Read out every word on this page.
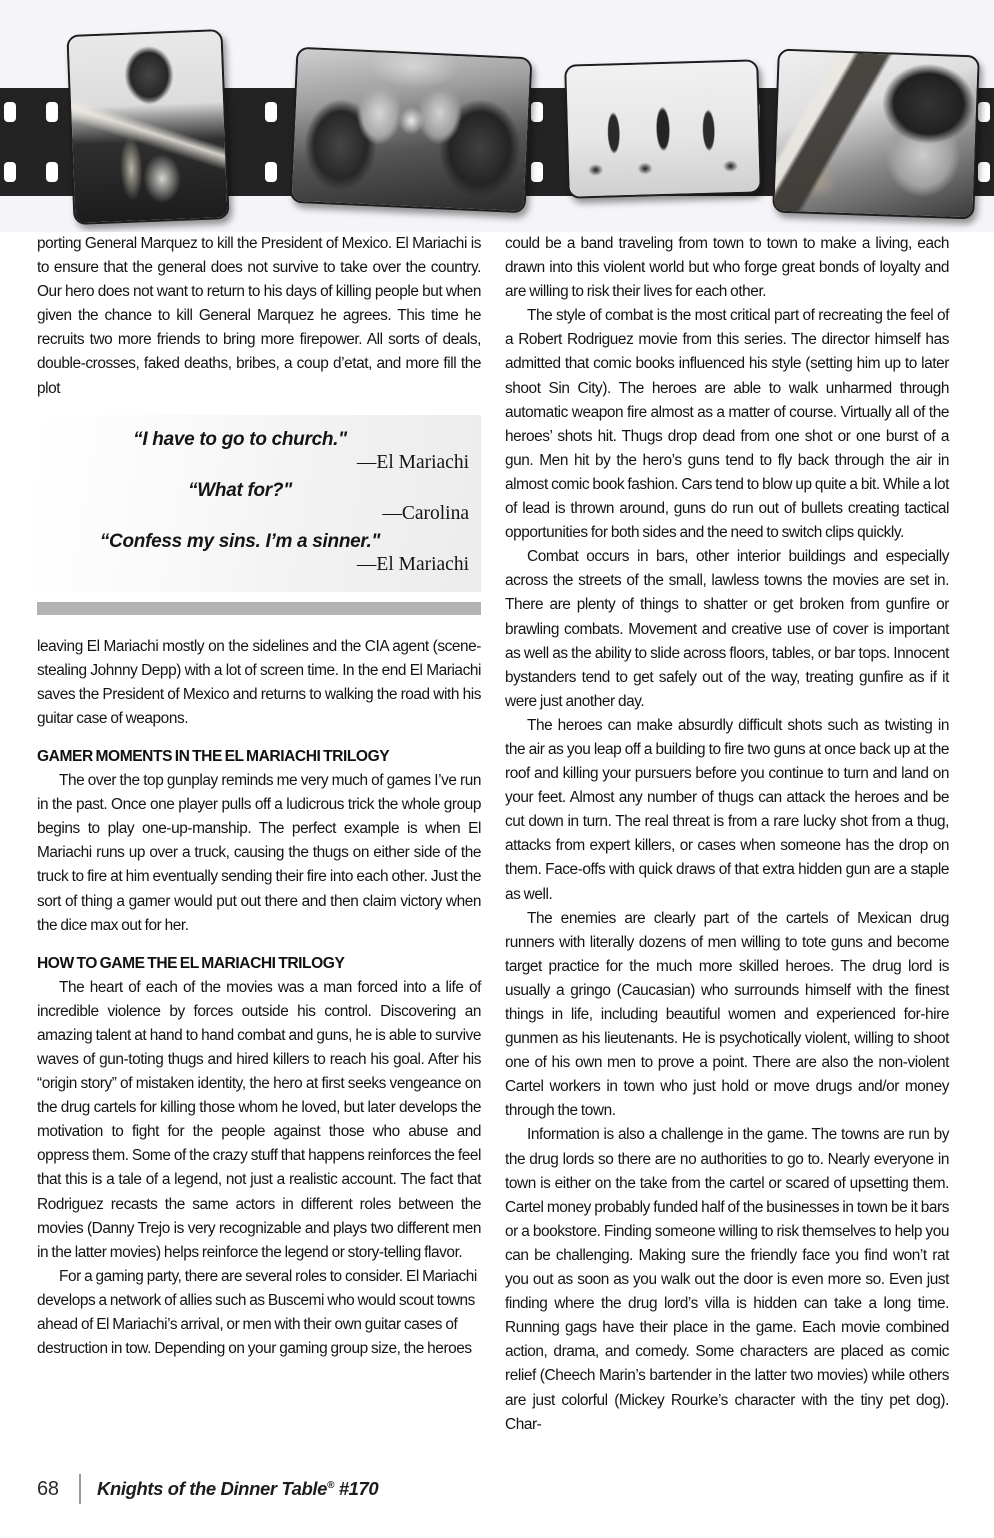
porting General Marquez to kill the President of Mexico. El Mariachi is to ensure that the general does not survive to take over the country. Our hero does not want to return to his days of killing people but when given the chance to kill General Marquez he agrees. This time he recruits two more friends to bring more firepower. All sorts of deals, double-crosses, faked deaths, bribes, a coup d’etat, and more fill the plot

“I have to go to church."

—El Mariachi

“What for?"

—Carolina

“Confess my sins. I’m a sinner."

—El Mariachi

leaving El Mariachi mostly on the sidelines and the CIA agent (scene-stealing Johnny Depp) with a lot of screen time. In the end El Mariachi saves the President of Mexico and returns to walking the road with his guitar case of weapons.

GAMER MOMENTS IN THE EL MARIACHI TRILOGY

The over the top gunplay reminds me very much of games I’ve run in the past. Once one player pulls off a ludicrous trick the whole group begins to play one-up-manship. The perfect example is when El Mariachi runs up over a truck, causing the thugs on either side of the truck to fire at him eventually sending their fire into each other. Just the sort of thing a gamer would put out there and then claim victory when the dice max out for her.

HOW TO GAME THE EL MARIACHI TRILOGY

The heart of each of the movies was a man forced into a life of incredible violence by forces outside his control. Discovering an amazing talent at hand to hand combat and guns, he is able to survive waves of gun-toting thugs and hired killers to reach his goal. After his “origin story” of mistaken identity, the hero at first seeks vengeance on the drug cartels for killing those whom he loved, but later develops the motivation to fight for the people against those who abuse and oppress them. Some of the crazy stuff that happens reinforces the feel that this is a tale of a legend, not just a realistic account. The fact that Rodriguez recasts the same actors in different roles between the movies (Danny Trejo is very recognizable and plays two different men in the latter movies) helps reinforce the legend or story-telling flavor.

For a gaming party, there are several roles to consider. El Mariachi develops a network of allies such as Buscemi who would scout towns ahead of El Mariachi’s arrival, or men with their own guitar cases of destruction in tow. Depending on your gaming group size, the heroes

could be a band traveling from town to town to make a living, each drawn into this violent world but who forge great bonds of loyalty and are willing to risk their lives for each other.

The style of combat is the most critical part of recreating the feel of a Robert Rodriguez movie from this series. The director himself has admitted that comic books influenced his style (setting him up to later shoot Sin City). The heroes are able to walk unharmed through automatic weapon fire almost as a matter of course. Virtually all of the heroes’ shots hit. Thugs drop dead from one shot or one burst of a gun. Men hit by the hero’s guns tend to fly back through the air in almost comic book fashion. Cars tend to blow up quite a bit. While a lot of lead is thrown around, guns do run out of bullets creating tactical opportunities for both sides and the need to switch clips quickly.

Combat occurs in bars, other interior buildings and especially across the streets of the small, lawless towns the movies are set in. There are plenty of things to shatter or get broken from gunfire or brawling combats. Movement and creative use of cover is important as well as the ability to slide across floors, tables, or bar tops. Innocent bystanders tend to get safely out of the way, treating gunfire as if it were just another day.

The heroes can make absurdly difficult shots such as twisting in the air as you leap off a building to fire two guns at once back up at the roof and killing your pursuers before you continue to turn and land on your feet. Almost any number of thugs can attack the heroes and be cut down in turn. The real threat is from a rare lucky shot from a thug, attacks from expert killers, or cases when someone has the drop on them. Face-offs with quick draws of that extra hidden gun are a staple as well.

The enemies are clearly part of the cartels of Mexican drug runners with literally dozens of men willing to tote guns and become target practice for the much more skilled heroes. The drug lord is usually a gringo (Caucasian) who surrounds himself with the finest things in life, including beautiful women and experienced for-hire gunmen as his lieutenants. He is psychotically violent, willing to shoot one of his own men to prove a point. There are also the non-violent Cartel workers in town who just hold or move drugs and/or money through the town.

Information is also a challenge in the game. The towns are run by the drug lords so there are no authorities to go to. Nearly everyone in town is either on the take from the cartel or scared of upsetting them. Cartel money probably funded half of the businesses in town be it bars or a bookstore. Finding someone willing to risk themselves to help you can be challenging. Making sure the friendly face you find won’t rat you out as soon as you walk out the door is even more so. Even just finding where the drug lord’s villa is hidden can take a long time. Running gags have their place in the game. Each movie combined action, drama, and comedy. Some characters are placed as comic relief (Cheech Marin’s bartender in the latter two movies) while others are just colorful (Mickey Rourke’s character with the tiny pet dog). Char-

68	Knights of the Dinner Table® #170
